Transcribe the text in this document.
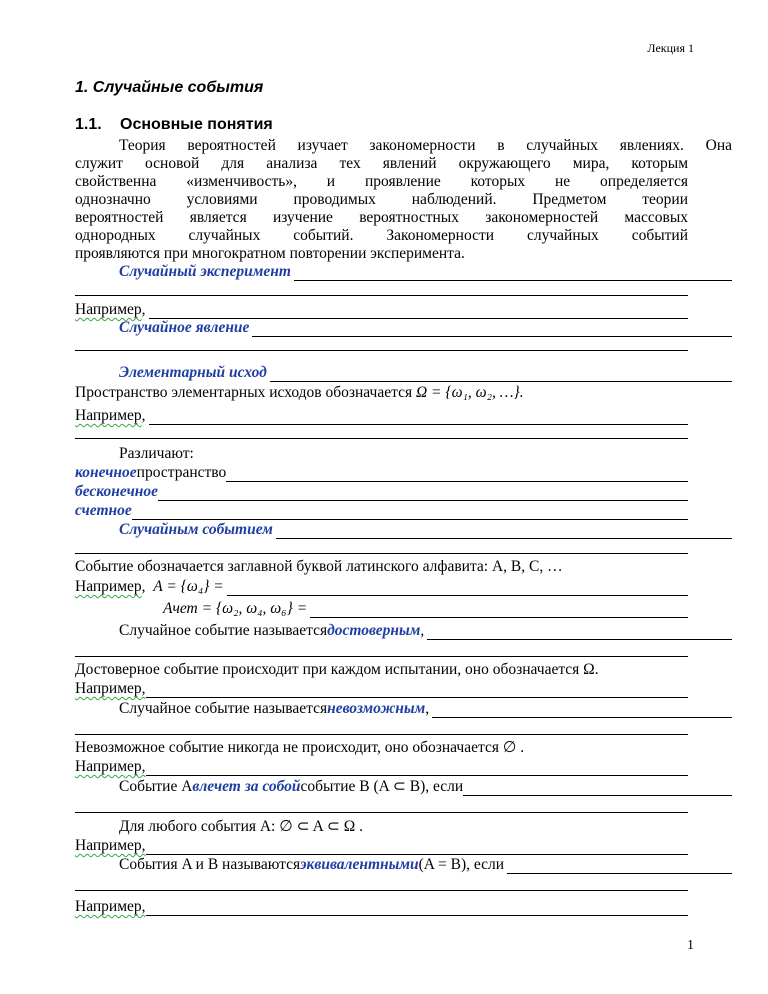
Лекция 1
1. Случайные события
1.1. Основные понятия
Теория вероятностей изучает закономерности в случайных явлениях. Она
служит основой для анализа тех явлений окружающего мира, которым
свойственна «изменчивость», и проявление которых не определяется
однозначно условиями проводимых наблюдений. Предметом теории
вероятностей является изучение вероятностных закономерностей массовых
однородных случайных событий. Закономерности случайных событий
проявляются при многократном повторении эксперимента.
Случайный эксперимент
Например ,
Случайное явление
Элементарный исход
Пространство элементарных исходов обозначается
Ω = {ω₁, ω₂, …}.
Например ,
Различают:
конечное пространство
бесконечное
счетное
Случайным событием
Событие обозначается заглавной буквой латинского алфавита: A, B, C, …
Например , A = {ω₄} =
Aчет = {ω₂, ω₄, ω₆} =
Случайное событие называется достоверным ,
Достоверное событие происходит при каждом испытании, оно обозначается Ω.
Например,
Случайное событие называется невозможным ,
Невозможное событие никогда не происходит, оно обозначается ∅ .
Например,
Событие A влечет за собой событие B (A ⊂ B), если
Для любого события A: ∅ ⊂ A ⊂ Ω .
Например,
События A и B называются эквивалентными (A = B), если
Например,
1
